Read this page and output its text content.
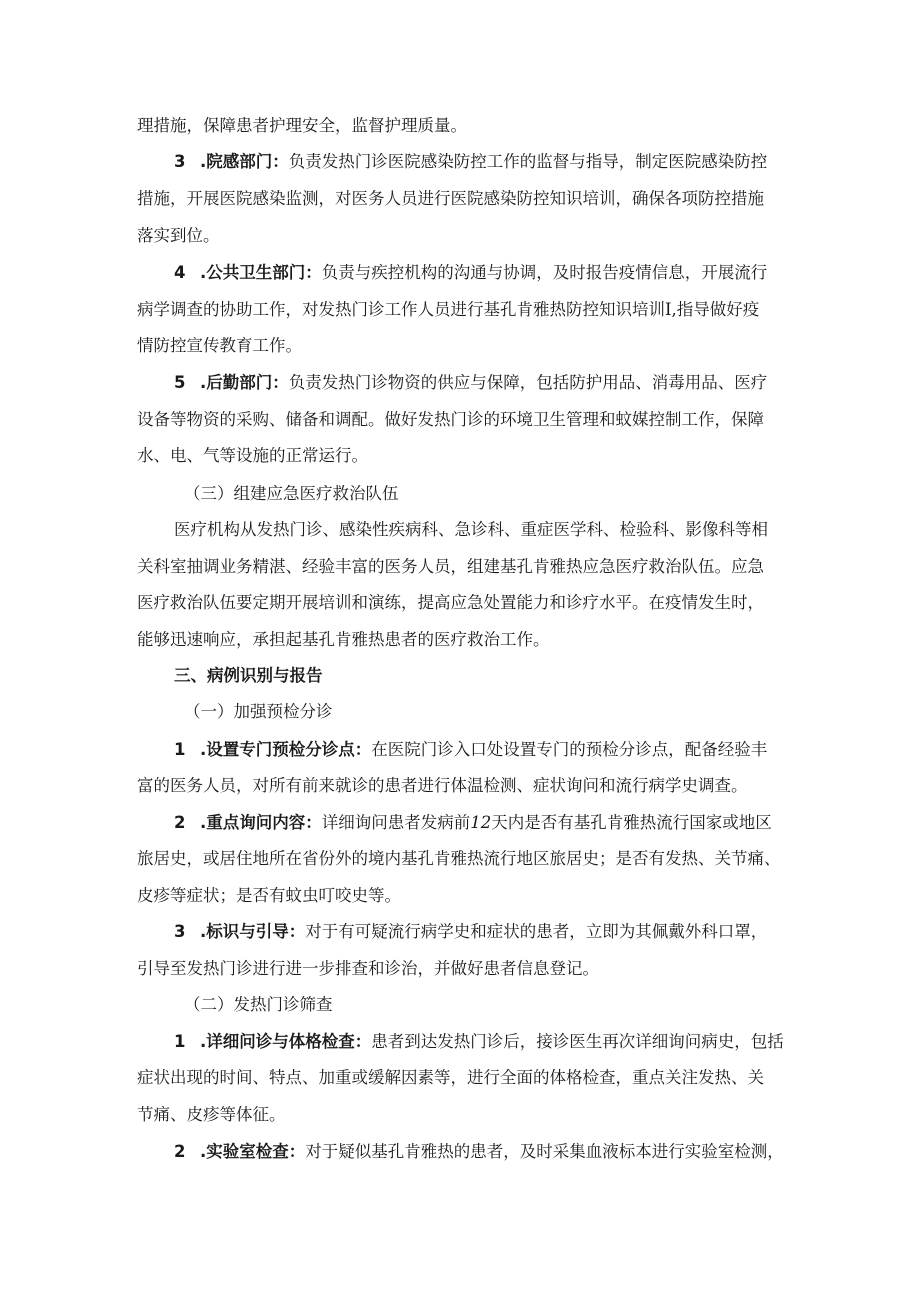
理措施，保障患者护理安全，监督护理质量。
3 .院感部门：负责发热门诊医院感染防控工作的监督与指导，制定医院感染防控
措施，开展医院感染监测，对医务人员进行医院感染防控知识培训，确保各项防控措施
落实到位。
4 .公共卫生部门：负责与疾控机构的沟通与协调，及时报告疫情信息，开展流行
病学调查的协助工作，对发热门诊工作人员进行基孔肯雅热防控知识培训I,指导做好疫
情防控宣传教育工作。
5 .后勤部门：负责发热门诊物资的供应与保障，包括防护用品、消毒用品、医疗
设备等物资的采购、储备和调配。做好发热门诊的环境卫生管理和蚊媒控制工作，保障
水、电、气等设施的正常运行。
（三）组建应急医疗救治队伍
医疗机构从发热门诊、感染性疾病科、急诊科、重症医学科、检验科、影像科等相
关科室抽调业务精湛、经验丰富的医务人员，组建基孔肯雅热应急医疗救治队伍。应急
医疗救治队伍要定期开展培训和演练，提高应急处置能力和诊疗水平。在疫情发生时，
能够迅速响应，承担起基孔肯雅热患者的医疗救治工作。
三、病例识别与报告
（一）加强预检分诊
1 .设置专门预检分诊点：在医院门诊入口处设置专门的预检分诊点，配备经验丰
富的医务人员，对所有前来就诊的患者进行体温检测、症状询问和流行病学史调查。
2 .重点询问内容：详细询问患者发病前12天内是否有基孔肯雅热流行国家或地区
旅居史，或居住地所在省份外的境内基孔肯雅热流行地区旅居史；是否有发热、关节痛、
皮疹等症状；是否有蚊虫叮咬史等。
3 .标识与引导：对于有可疑流行病学史和症状的患者，立即为其佩戴外科口罩，
引导至发热门诊进行进一步排查和诊治，并做好患者信息登记。
（二）发热门诊筛查
1 .详细问诊与体格检查：患者到达发热门诊后，接诊医生再次详细询问病史，包括
症状出现的时间、特点、加重或缓解因素等，进行全面的体格检查，重点关注发热、关
节痛、皮疹等体征。
2 .实验室检查：对于疑似基孔肯雅热的患者，及时采集血液标本进行实验室检测，
